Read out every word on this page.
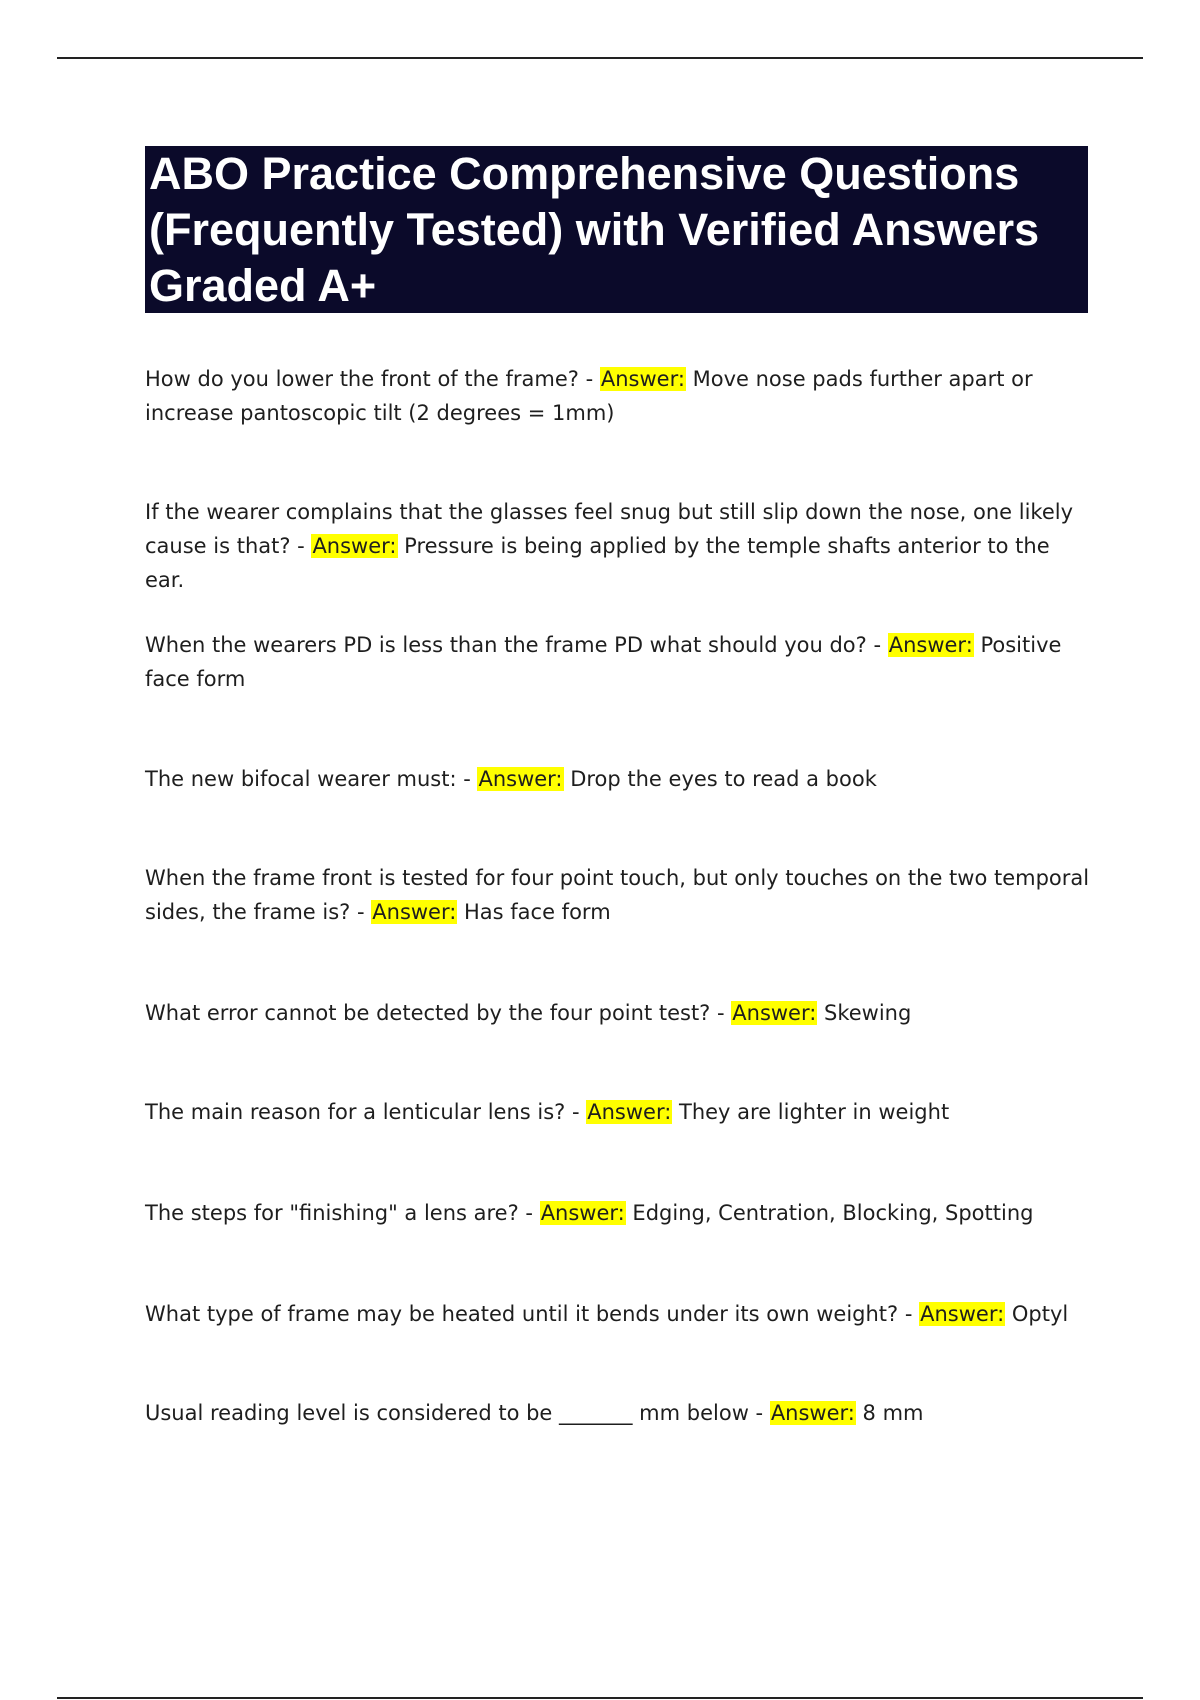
ABO Practice Comprehensive Questions (Frequently Tested) with Verified Answers Graded A+

How do you lower the front of the frame? - Answer: Move nose pads further apart or increase pantoscopic tilt (2 degrees = 1mm)

If the wearer complains that the glasses feel snug but still slip down the nose, one likely cause is that? - Answer: Pressure is being applied by the temple shafts anterior to the ear.

When the wearers PD is less than the frame PD what should you do? - Answer: Positive face form

The new bifocal wearer must: - Answer: Drop the eyes to read a book

When the frame front is tested for four point touch, but only touches on the two temporal sides, the frame is? - Answer: Has face form

What error cannot be detected by the four point test? - Answer: Skewing

The main reason for a lenticular lens is? - Answer: They are lighter in weight

The steps for "finishing" a lens are? - Answer: Edging, Centration, Blocking, Spotting

What type of frame may be heated until it bends under its own weight? - Answer: Optyl

Usual reading level is considered to be _______ mm below - Answer: 8 mm
